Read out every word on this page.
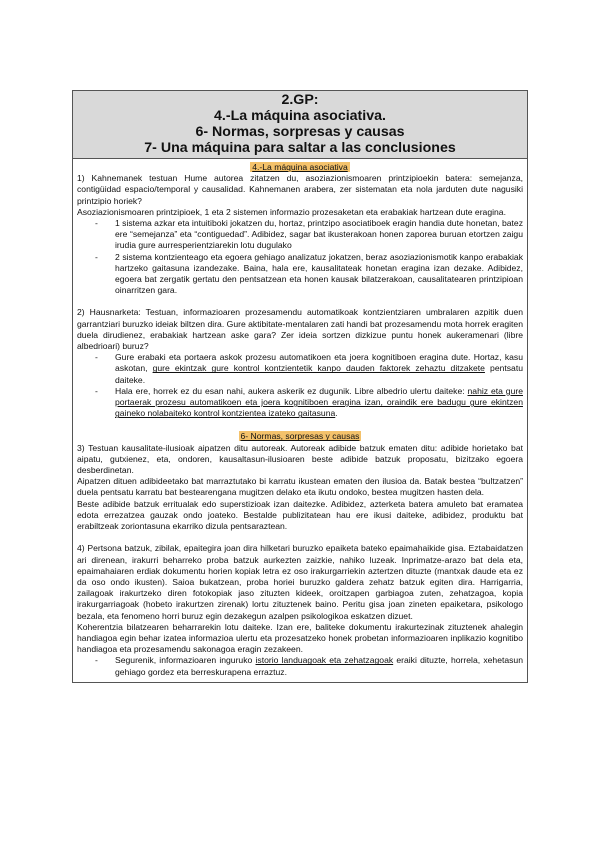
2.GP:
4.-La máquina asociativa.
6- Normas, sorpresas y causas
7- Una máquina para saltar a las conclusiones
4.-La máquina asociativa

1) Kahnemanek testuan Hume autorea zitatzen du, asoziazionismoaren printzipioekin batera: semejanza, contigüidad espacio/temporal y causalidad. Kahnemanen arabera, zer sistematan eta nola jarduten dute nagusiki printzipio horiek?

Asoziazionismoaren printzipioek, 1 eta 2 sistemen informazio prozesaketan eta erabakiak hartzean dute eragina.

- 1 sistema azkar eta intuitiboki jokatzen du, hortaz, printzipo asociatiboek eragin handia dute honetan, batez ere “semejanza” eta “contiguedad”. Adibidez, sagar bat ikusterakoan honen zaporea buruan etortzen zaigu irudia gure aurresperientziarekin lotu dugulako
- 2 sistema kontzienteago eta egoera gehiago analizatuz jokatzen, beraz asoziazionismotik kanpo erabakiak hartzeko gaitasuna izandezake. Baina, hala ere, kausalitateak honetan eragina izan dezake. Adibidez, egoera bat zergatik gertatu den pentsatzean eta honen kausak bilatzerakoan, causalitatearen printzipioan oinarritzen gara.

2) Hausnarketa: Testuan, informazioaren prozesamendu automatikoak kontzientziaren umbralaren azpitik duen garrantziari buruzko ideiak biltzen dira. Gure aktibitate-mentalaren zati handi bat prozesamendu mota horrek eragiten duela dirudienez, erabakiak hartzean aske gara? Zer ideia sortzen dizkizue puntu honek aukeramenari (libre albedrioari) buruz?

- Gure erabaki eta portaera askok prozesu automatikoen eta joera kognitiboen eragina dute. Hortaz, kasu askotan, gure ekintzak gure kontrol kontzientetik kanpo dauden faktorek zehaztu ditzakete pentsatu daiteke.
- Hala ere, horrek ez du esan nahi, aukera askerik ez dugunik. Libre albedrio ulertu daiteke: nahiz eta gure portaerak prozesu automatikoen eta joera kognitiboen eragina izan, oraindik ere badugu gure ekintzen gaineko nolabaiteko kontrol kontzientea izateko gaitasuna.
6- Normas, sorpresas y causas

3) Testuan kausalitate-ilusioak aipatzen ditu autoreak. Autoreak adibide batzuk ematen ditu: adibide horietako bat aipatu, gutxienez, eta, ondoren, kausaltasun-ilusioaren beste adibide batzuk proposatu, bizitzako egoera desberdinetan.

Aipatzen dituen adibideetako bat marraztutako bi karratu ikustean ematen den ilusioa da. Batak bestea “bultzatzen” duela pentsatu karratu bat bestearengana mugitzen delako eta ikutu ondoko, bestea mugitzen hasten dela.

Beste adibide batzuk erritualak edo superstizioak izan daitezke. Adibidez, azterketa batera amuleto bat eramatea edota errezatzea gauzak ondo joateko. Bestalde publizitatean hau ere ikusi daiteke, adibidez, produktu bat erabiltzeak zoriontasuna ekarriko dizula pentsaraztean.

4) Pertsona batzuk, zibilak, epaitegira joan dira hilketari buruzko epaiketa bateko epaimahaikide gisa. Eztabaidatzen ari direnean, irakurri beharreko proba batzuk aurkezten zaizkie, nahiko luzeak. Inprimatze-arazo bat dela eta, epaimahaiaren erdiak dokumentu horien kopiak letra ez oso irakurgarriekin aztertzen dituzte (mantxak daude eta ez da oso ondo ikusten). Saioa bukatzean, proba horiei buruzko galdera zehatz batzuk egiten dira. Harrigarria, zailagoak irakurtzeko diren fotokopiak jaso zituzten kideek, oroitzapen garbiagoa zuten, zehatzagoa, kopia irakurgarriagoak (hobeto irakurtzen zirenak) lortu zituztenek baino. Peritu gisa joan zineten epaiketara, psikologo bezala, eta fenomeno horri buruz egin dezakegun azalpen psikologikoa eskatzen dizuet.

Koherentzia bilatzearen beharrarekin lotu daiteke. Izan ere, baliteke dokumentu irakurtezinak zituztenek ahalegin handiagoa egin behar izatea informazioa ulertu eta prozesatzeko honek probetan informazioaren inplikazio kognitibo handiagoa eta prozesamendu sakonagoa eragin zezakeen.

- Segurenik, informazioaren inguruko istorio landuagoak eta zehatzagoak eraiki dituzte, horrela, xehetasun gehiago gordez eta berreskurapena erraztuz.
